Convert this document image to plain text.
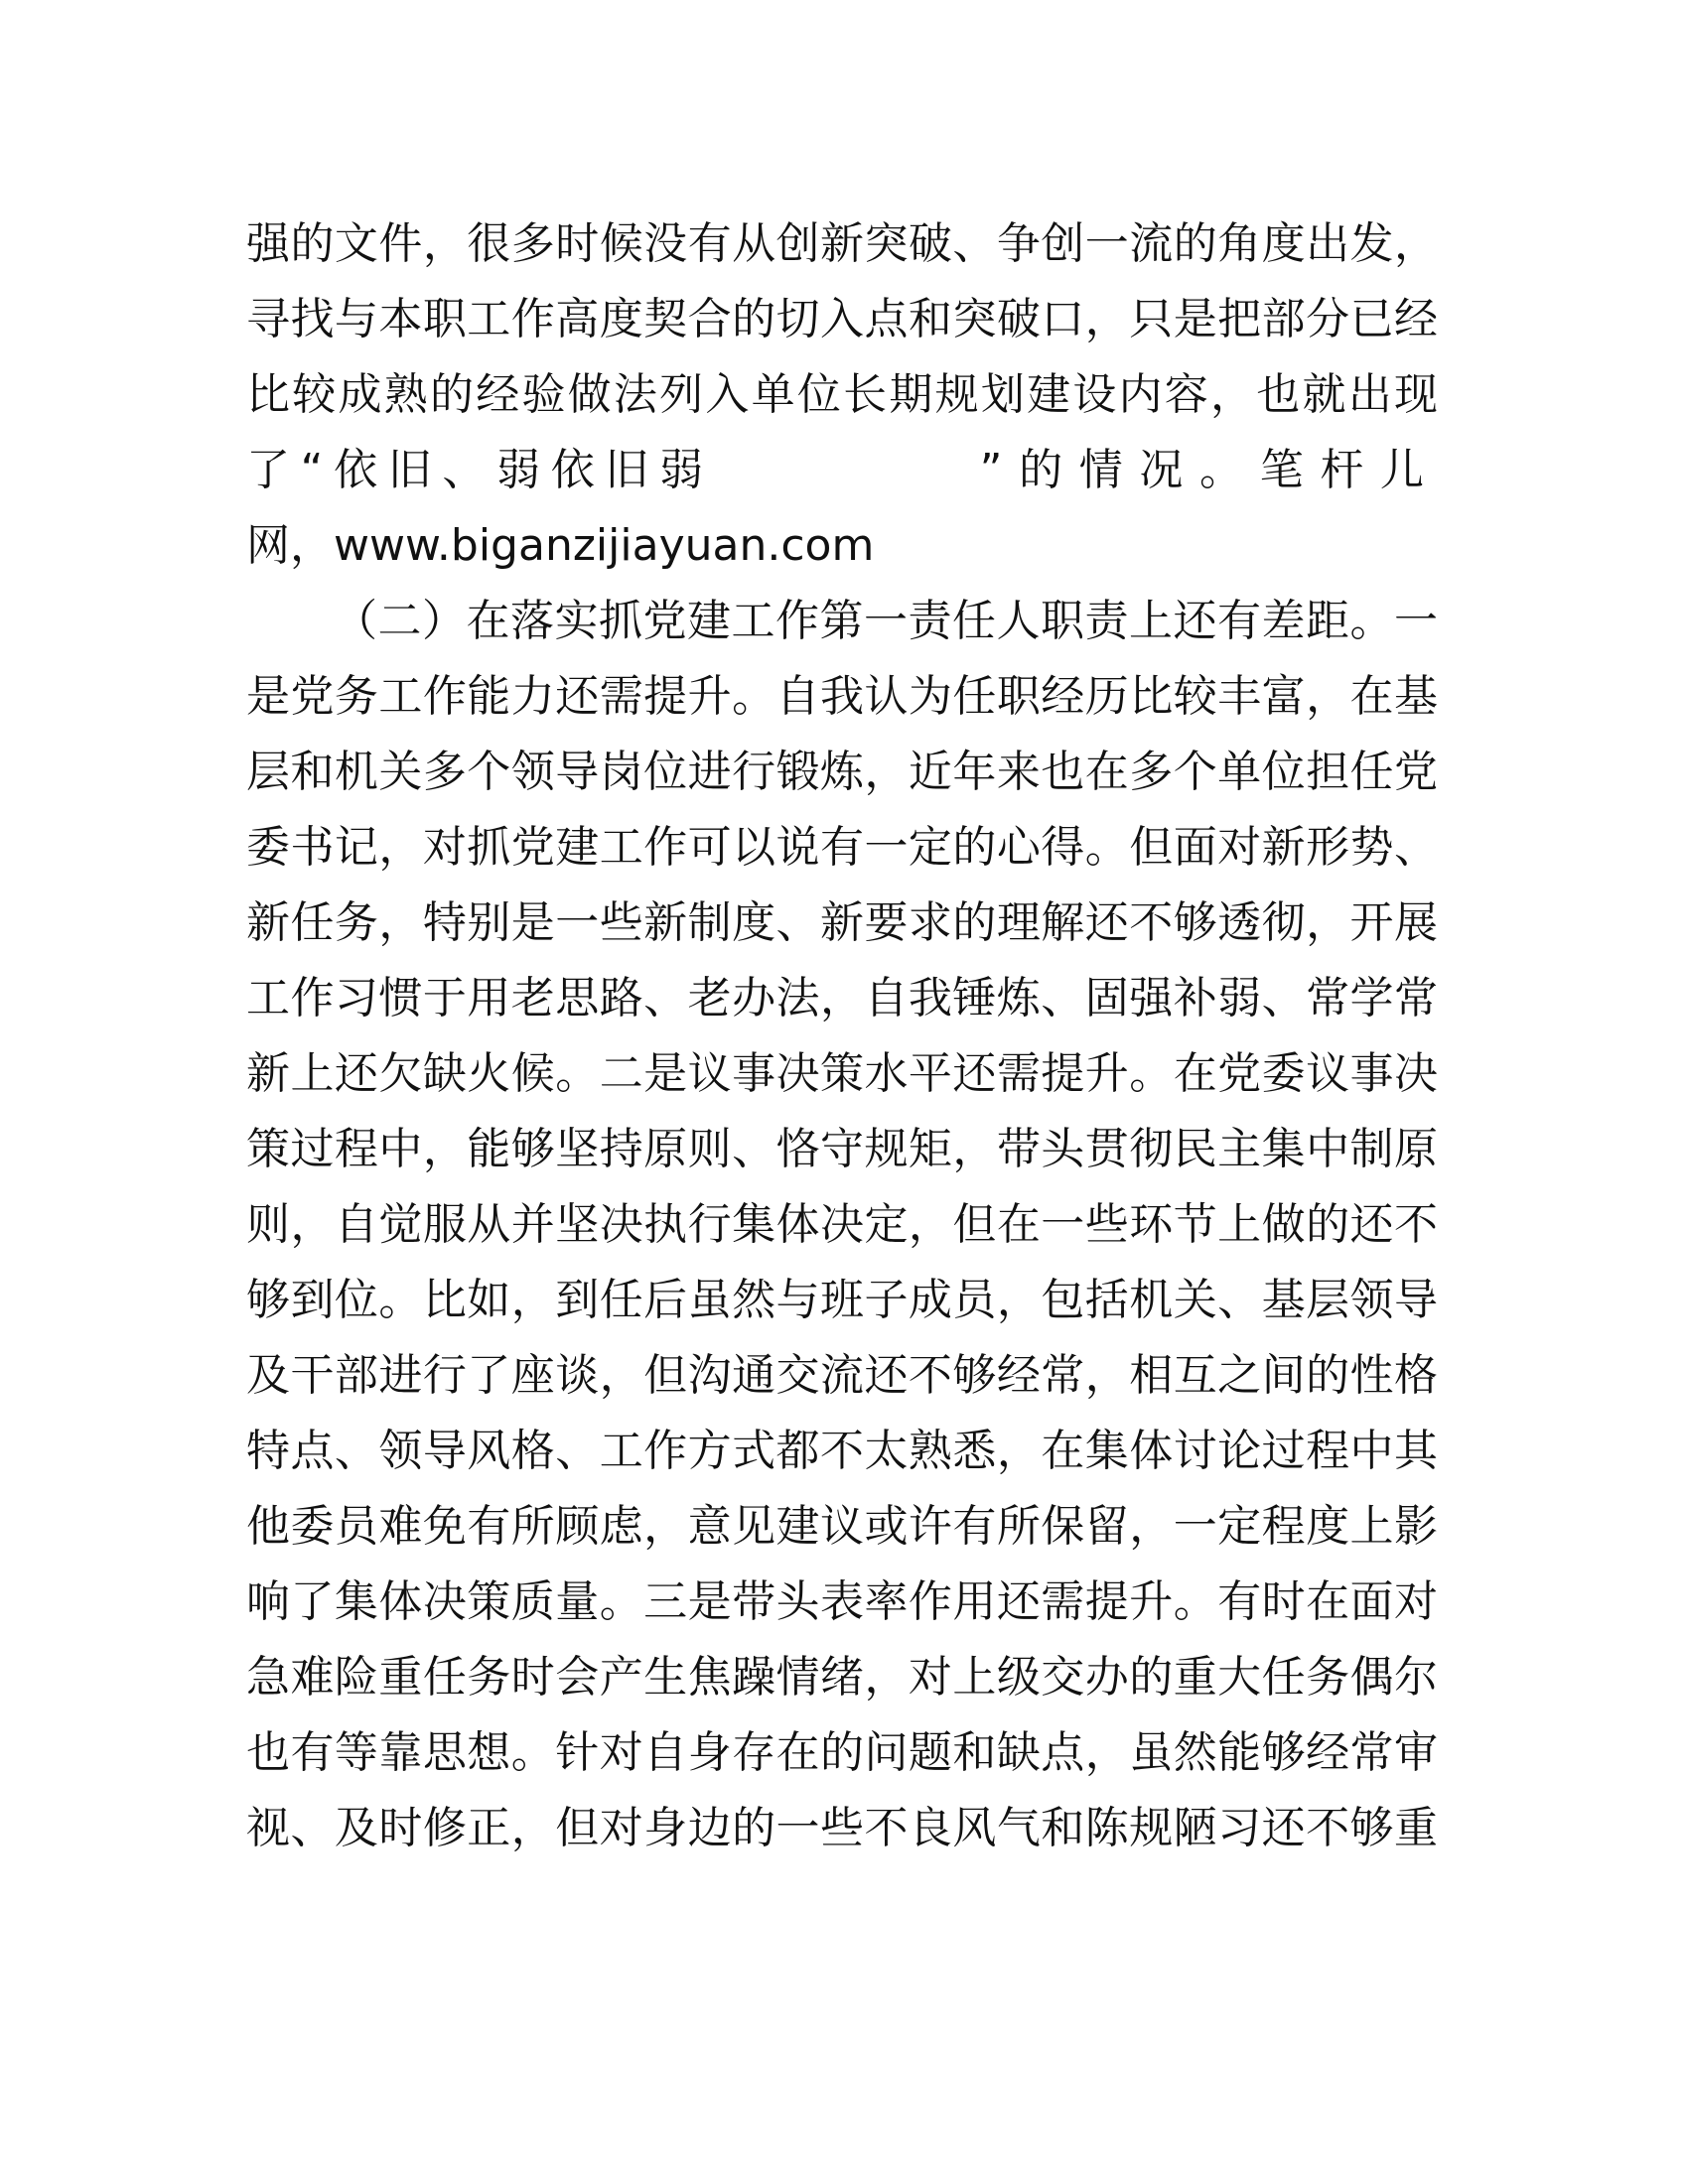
强的文件，很多时候没有从创新突破、争创一流的角度出发，
寻找与本职工作高度契合的切入点和突破口，只是把部分已经
比较成熟的经验做法列入单位长期规划建设内容，也就出现
了“依旧、弱依旧弱	”的情况。笔杆儿
网，www.biganzijiayuan.com
（二）在落实抓党建工作第一责任人职责上还有差距。一
是党务工作能力还需提升。自我认为任职经历比较丰富，在基
层和机关多个领导岗位进行锻炼，近年来也在多个单位担任党
委书记，对抓党建工作可以说有一定的心得。但面对新形势、
新任务，特别是一些新制度、新要求的理解还不够透彻，开展
工作习惯于用老思路、老办法，自我锤炼、固强补弱、常学常
新上还欠缺火候。二是议事决策水平还需提升。在党委议事决
策过程中，能够坚持原则、恪守规矩，带头贯彻民主集中制原
则，自觉服从并坚决执行集体决定，但在一些环节上做的还不
够到位。比如，到任后虽然与班子成员，包括机关、基层领导
及干部进行了座谈，但沟通交流还不够经常，相互之间的性格
特点、领导风格、工作方式都不太熟悉，在集体讨论过程中其
他委员难免有所顾虑，意见建议或许有所保留，一定程度上影
响了集体决策质量。三是带头表率作用还需提升。有时在面对
急难险重任务时会产生焦躁情绪，对上级交办的重大任务偶尔
也有等靠思想。针对自身存在的问题和缺点，虽然能够经常审
视、及时修正，但对身边的一些不良风气和陈规陋习还不够重
